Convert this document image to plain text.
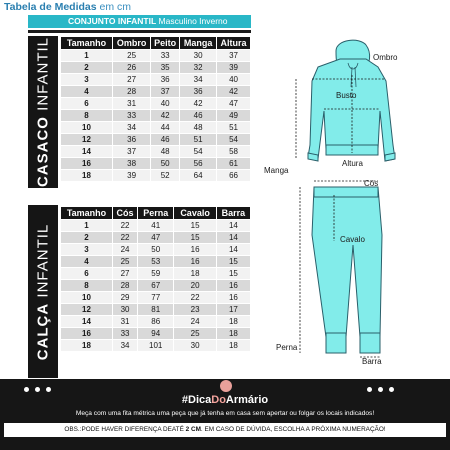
Tabela de Medidas em cm
CONJUNTO INFANTIL Masculino Inverno
CASACO INFANTIL
CALÇA INFANTIL
Tamanho	Ombro	Peito	Manga	Altura
1	25	33	30	37
2	26	35	32	39
3	27	36	34	40
4	28	37	36	42
6	31	40	42	47
8	33	42	46	49
10	34	44	48	51
12	36	46	51	54
14	37	48	54	58
16	38	50	56	61
18	39	52	64	66
Tamanho	Cós	Perna	Cavalo	Barra
1	22	41	15	14
2	22	47	15	14
3	24	50	16	14
4	25	53	16	15
6	27	59	18	15
8	28	67	20	16
10	29	77	22	16
12	30	81	23	17
14	31	86	24	18
16	33	94	25	18
18	34	101	30	18
Ombro
Busto
Manga
Altura
Cós
Cavalo
Perna
Barra
#DicaDoArmário
Meça com uma fita métrica uma peça que já tenha em casa sem apertar ou folgar os locais indicados!
OBS.:PODE HAVER DIFERENÇA DEATÉ 2 CM. EM CASO DE DÚVIDA, ESCOLHA A PRÓXIMA NUMERAÇÃO!
